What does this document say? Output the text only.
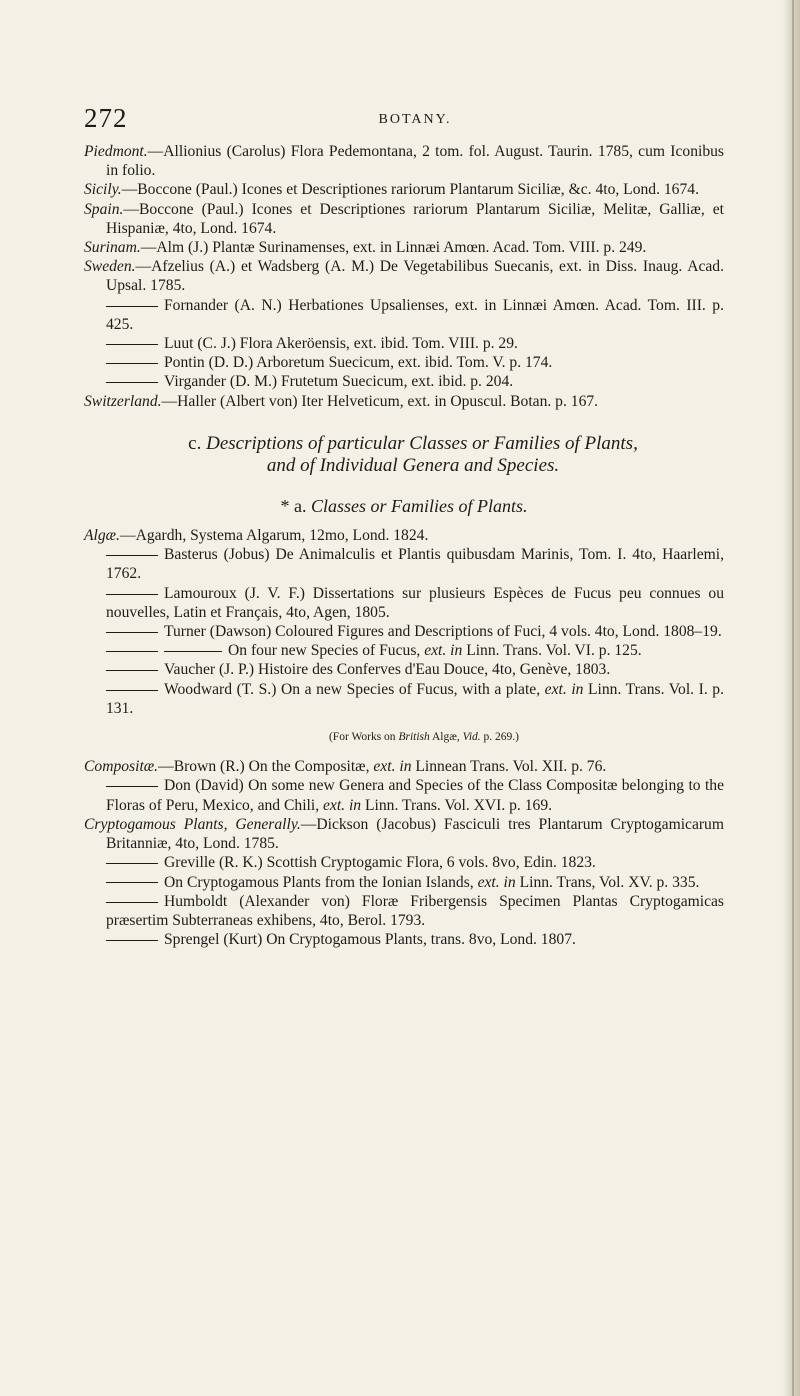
272	BOTANY.
Piedmont.—Allionius (Carolus) Flora Pedemontana, 2 tom. fol. August. Taurin. 1785, cum Iconibus in folio.
Sicily.—Boccone (Paul.) Icones et Descriptiones rariorum Plantarum Siciliæ, &c. 4to, Lond. 1674.
Spain.—Boccone (Paul.) Icones et Descriptiones rariorum Plantarum Siciliæ, Melitæ, Galliæ, et Hispaniæ, 4to, Lond. 1674.
Surinam.—Alm (J.) Plantæ Surinamenses, ext. in Linnæi Amœn. Acad. Tom. VIII. p. 249.
Sweden.—Afzelius (A.) et Wadsberg (A. M.) De Vegetabilibus Suecanis, ext. in Diss. Inaug. Acad. Upsal. 1785.
Fornander (A. N.) Herbationes Upsalienses, ext. in Linnæi Amœn. Acad. Tom. III. p. 425.
Luut (C. J.) Flora Akeröensis, ext. ibid. Tom. VIII. p. 29.
Pontin (D. D.) Arboretum Suecicum, ext. ibid. Tom. V. p. 174.
Virgander (D. M.) Frutetum Suecicum, ext. ibid. p. 204.
Switzerland.—Haller (Albert von) Iter Helveticum, ext. in Opuscul. Botan. p. 167.
c. Descriptions of particular Classes or Families of Plants,
and of Individual Genera and Species.
* a. Classes or Families of Plants.
Algæ.—Agardh, Systema Algarum, 12mo, Lond. 1824.
Basterus (Jobus) De Animalculis et Plantis quibusdam Marinis, Tom. I. 4to, Haarlemi, 1762.
Lamouroux (J. V. F.) Dissertations sur plusieurs Espèces de Fucus peu connues ou nouvelles, Latin et Français, 4to, Agen, 1805.
Turner (Dawson) Coloured Figures and Descriptions of Fuci, 4 vols. 4to, Lond. 1808–19.
On four new Species of Fucus, ext. in Linn. Trans. Vol. VI. p. 125.
Vaucher (J. P.) Histoire des Conferves d'Eau Douce, 4to, Genève, 1803.
Woodward (T. S.) On a new Species of Fucus, with a plate, ext. in Linn. Trans. Vol. I. p. 131.
(For Works on British Algæ, Vid. p. 269.)
Compositæ.—Brown (R.) On the Compositæ, ext. in Linnean Trans. Vol. XII. p. 76.
Don (David) On some new Genera and Species of the Class Compositæ belonging to the Floras of Peru, Mexico, and Chili, ext. in Linn. Trans. Vol. XVI. p. 169.
Cryptogamous Plants, Generally.—Dickson (Jacobus) Fasciculi tres Plantarum Cryptogamicarum Britanniæ, 4to, Lond. 1785.
Greville (R. K.) Scottish Cryptogamic Flora, 6 vols. 8vo, Edin. 1823.
On Cryptogamous Plants from the Ionian Islands, ext. in Linn. Trans, Vol. XV. p. 335.
Humboldt (Alexander von) Floræ Fribergensis Specimen Plantas Cryptogamicas præsertim Subterraneas exhibens, 4to, Berol. 1793.
Sprengel (Kurt) On Cryptogamous Plants, trans. 8vo, Lond. 1807.
